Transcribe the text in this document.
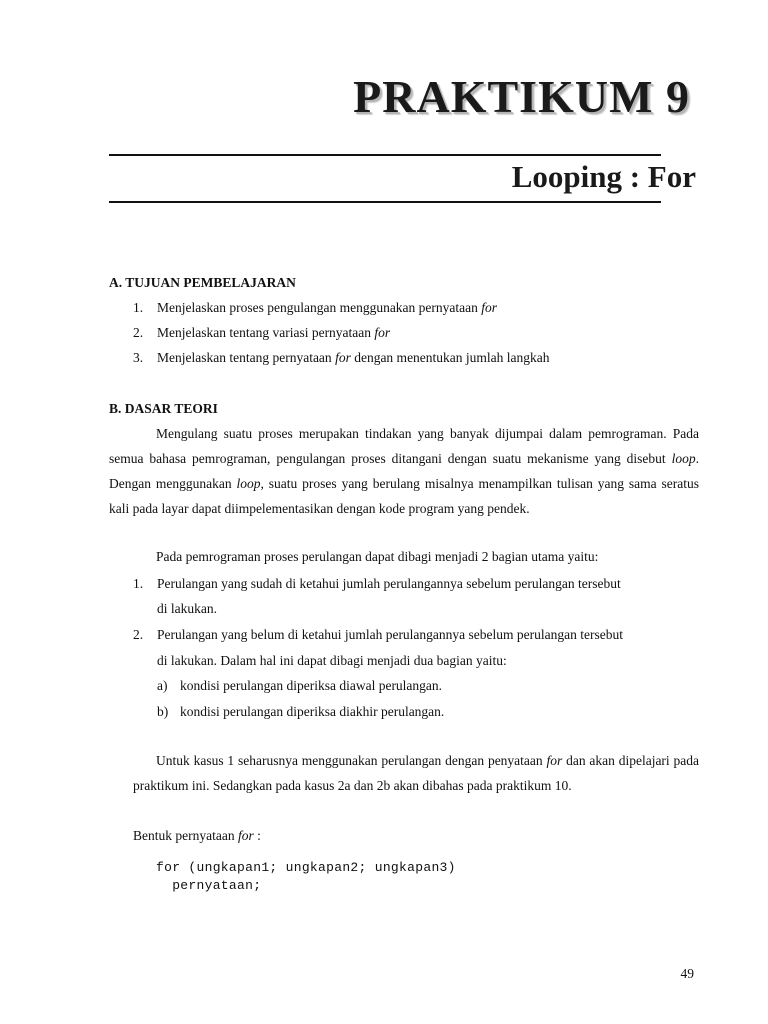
PRAKTIKUM 9
Looping : For
A. TUJUAN PEMBELAJARAN
1. Menjelaskan proses pengulangan menggunakan pernyataan for
2. Menjelaskan tentang variasi pernyataan for
3. Menjelaskan tentang pernyataan for dengan menentukan jumlah langkah
B. DASAR TEORI

Mengulang suatu proses merupakan tindakan yang banyak dijumpai dalam pemrograman. Pada semua bahasa pemrograman, pengulangan proses ditangani dengan suatu mekanisme yang disebut loop. Dengan menggunakan loop, suatu proses yang berulang misalnya menampilkan tulisan yang sama seratus kali pada layar dapat diimpelementasikan dengan kode program yang pendek.

Pada pemrograman proses perulangan dapat dibagi menjadi 2 bagian utama yaitu:
1. Perulangan yang sudah di ketahui jumlah perulangannya sebelum perulangan tersebut
di lakukan.
2. Perulangan yang belum di ketahui jumlah perulangannya sebelum perulangan tersebut
di lakukan. Dalam hal ini dapat dibagi menjadi dua bagian yaitu:
a) kondisi perulangan diperiksa diawal perulangan.
b) kondisi perulangan diperiksa diakhir perulangan.

Untuk kasus 1 seharusnya menggunakan perulangan dengan penyataan for dan akan dipelajari pada praktikum ini. Sedangkan pada kasus 2a dan 2b akan dibahas pada praktikum 10.

Bentuk pernyataan for :
for (ungkapan1; ungkapan2; ungkapan3)
pernyataan;
49
